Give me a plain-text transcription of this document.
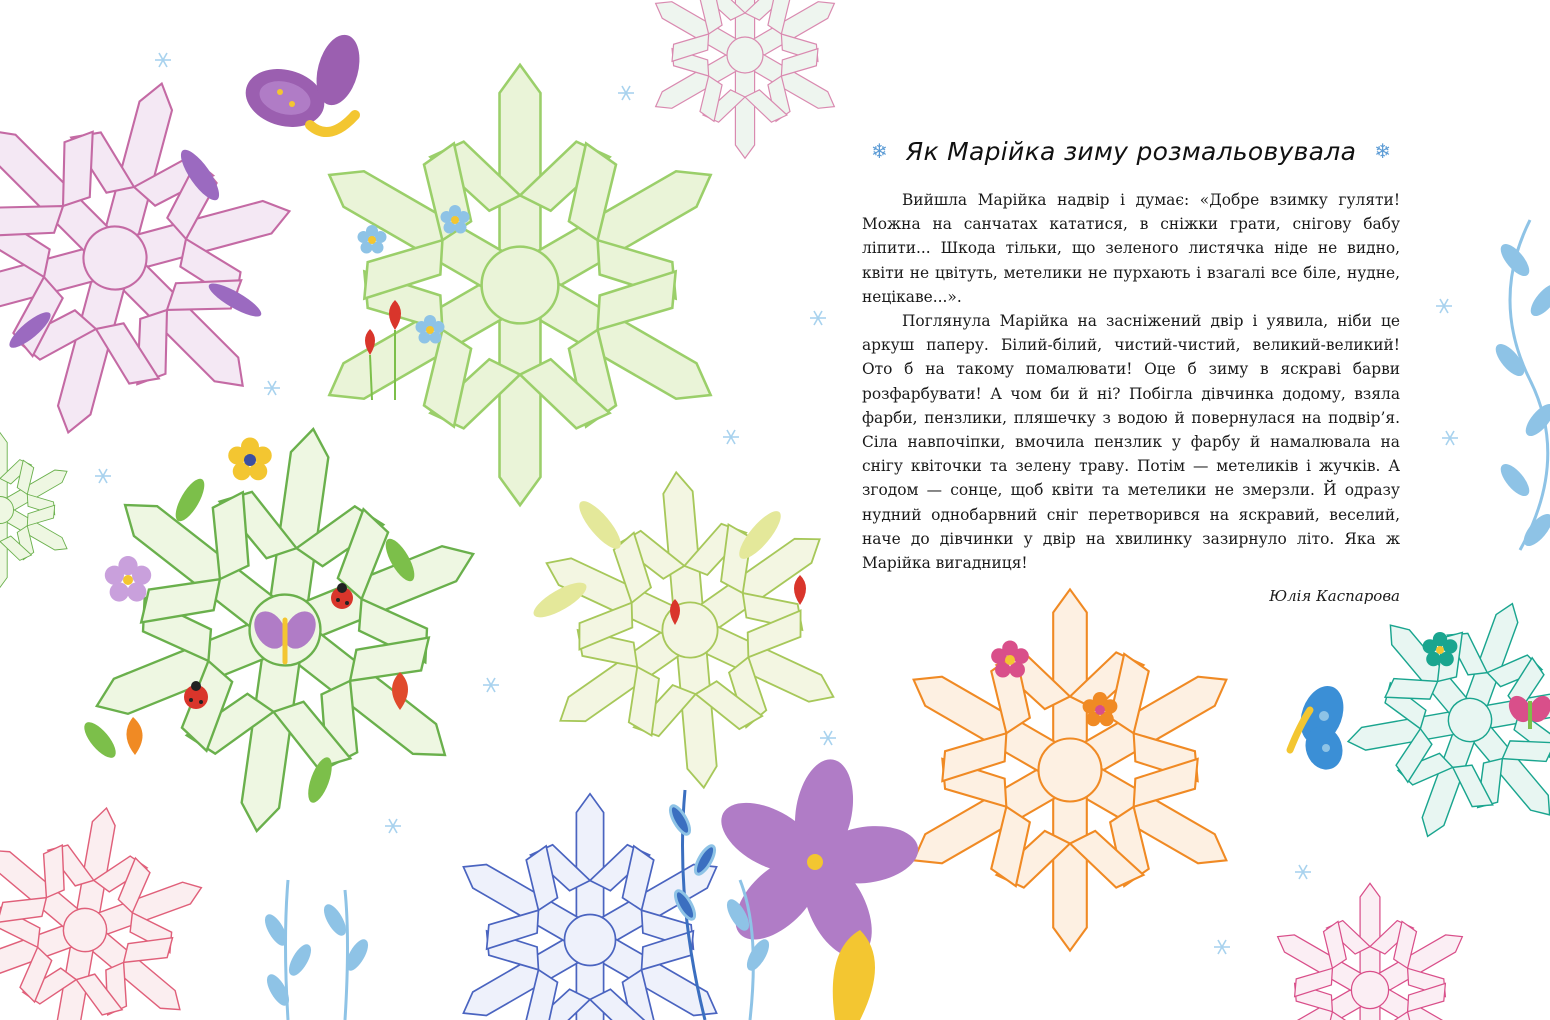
❄ Як Марійка зиму розмальовувала ❄

Вийшла Марійка надвір і думає: «Добре взимку гуляти! Можна на санчатах кататися, в сніжки грати, снігову бабу ліпити... Шкода тільки, що зеленого листячка ніде не видно, квіти не цвітуть, метелики не пурхають і взагалі все біле, нудне, нецікаве...».

Поглянула Марійка на засніжений двір і уявила, ніби це аркуш паперу. Білий-білий, чистий-чистий, великий-великий! Ото б на такому помалювати! Оце б зиму в яскраві барви розфарбувати! А чом би й ні? Побігла дівчинка додому, взяла фарби, пензлики, пляшечку з водою й повернулася на подвір’я. Сіла навпочіпки, вмочила пензлик у фарбу й намалювала на снігу квіточки та зелену траву. Потім — метеликів і жучків. А згодом — сонце, щоб квіти та метелики не змерзли. Й одразу нудний однобарвний сніг перетворився на яскравий, веселий, наче до дівчинки у двір на хвилинку зазирнуло літо. Яка ж Марійка вигадниця!

Юлія Каспарова
